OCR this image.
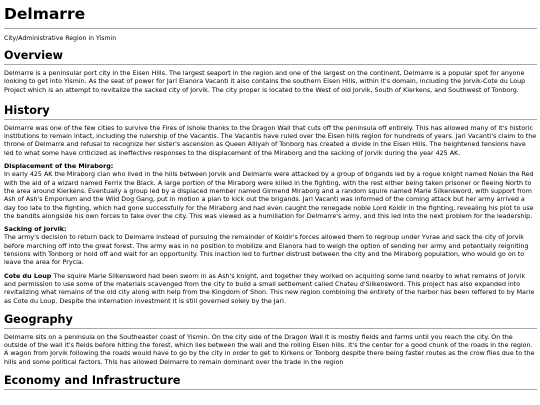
Delmarre
City/Administrative Region in Yismin
Overview

Delmarre is a peninsular port city in the Eisen Hills. The largest seaport in the region and one of the largest on the continent, Delmarre is a popular spot for anyone looking to get into Yismin. As the seat of power for Jarl Elanora Vacanti it also contains the southern Eisen Hills, within it's domain, including the Jorvik-Cote du Loup Project which is an attempt to revitalize the sacked city of Jorvik. The city proper is located to the West of old Jorvik, South of Kierkens, and Southwest of Tonborg.

History

Delmarre was one of the few cities to survive the Fires of Ishole thanks to the Dragon Wall that cuts off the peninsula off entirely. This has allowed many of it's historic institutions to remain intact, including the rulership of the Vacantis. The Vacantis have ruled over the Eisen hills region for hundreds of years. Jarl Vacanti's claim to the throne of Delmarre and refusal to recognize her sister's ascension as Queen Alliyah of Tonborg has created a divide in the Eisen Hills. The heightened tensions have led to what some have criticized as ineffective responses to the displacement of the Miraborg and the sacking of Jorvik during the year 425 AK.

Displacement of the Miraborg:
In early 425 AK the Miraborg clan who lived in the hills between Jorvik and Delmarre were attacked by a group of brigands led by a rogue knight named Nolan the Red with the aid of a wizard named Ferrix the Black. A large portion of the Miraborg were killed in the fighting, with the rest either being taken prisoner or fleeing North to the area around Kierkens. Eventually a group led by a displaced member named Girmend Miraborg and a random squire named Marie Silkensword, with support from Ash of Ash's Emporium and the Wild Dog Gang, put in motion a plan to kick out the brigands. Jarl Vacanti was informed of the coming attack but her army arrived a day too late to the fighting, which had gone successfully for the Miraborg and had even caught the renegade noble Lord Koldir in the fighting, revealing his plot to use the bandits alongside his own forces to take over the city. This was viewed as a humiliation for Delmarre's army, and this led into the next problem for the leadership.
Sacking of Jorvik:
The army's decision to return back to Delmarre instead of pursuing the remainder of Koldir's forces allowed them to regroup under Yvrae and sack the city of Jorvik before marching off into the great forest. The army was in no position to mobilize and Elanora had to weigh the option of sending her army and potentially reigniting tensions with Tonborg or hold off and wait for an opportunity. This inaction led to further distrust between the city and the Miraborg population, who would go on to leave the area for Prycia.

Cote du Loup The squire Marie Silkensword had been sworn in as Ash's knight, and together they worked on acquiring some land nearby to what remains of Jorvik and permission to use some of the materials scavenged from the city to build a small settlement called Chateu d'Silkensword. This project has also expanded into revitalizing what remains of the old city along with help from the Kingdom of Shon. This new region combining the entirety of the harbor has been reffered to by Marie as Cote du Loup. Despite the internation investment it is still governed solely by the Jarl.

Geography

Delmarre sits on a peninsula on the Southeaster coast of Yismin. On the city side of the Dragon Wall it is mostly fields and farms until you reach the city. On the outside of the wall it's fields before hitting the forest, which lies between the wall and the rolling Eisen hills. It's the center for a good chunk of the roads in the region. A wagon from Jorvik following the roads would have to go by the city in order to get to Kirkens or Tonborg despite there being faster routes as the crow flies due to the hills and some political factors. This has allowed Delmarre to remain dominant over the trade in the region

Economy and Infrastructure
